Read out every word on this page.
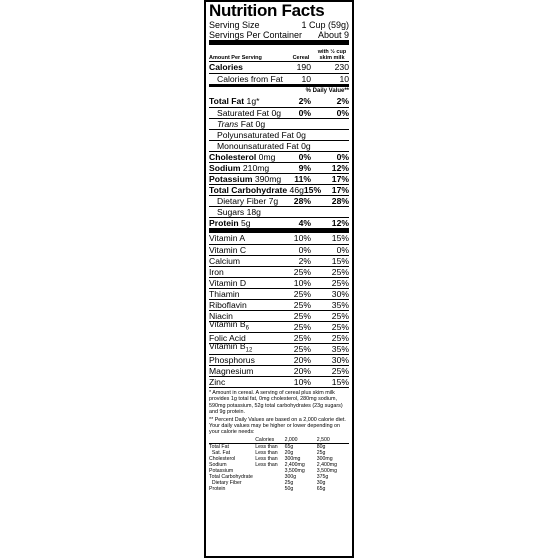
Nutrition Facts
Serving Size	1 Cup (59g)
Servings Per Container About 9
Amount Per Serving	Cereal
with ½ cup skim milk
Calories	190	230
Calories from Fat	10	10
% Daily Value**
Total Fat 1g*	2%	2%
Saturated Fat 0g	0%	0%
Trans Fat 0g
Polyunsaturated Fat 0g
Monounsaturated Fat 0g
Cholesterol 0mg	0%	0%
Sodium 210mg	9%	12%
Potassium 390mg	11%	17%
Total Carbohydrate 46g 15%	17%
Dietary Fiber 7g	28%	28%
Sugars 18g
Protein 5g	4%	12%
Vitamin A	10%	15%
Vitamin C	0%	0%
Calcium	2%	15%
Iron	25%	25%
Vitamin D	10%	25%
Thiamin	25%	30%
Riboflavin	25%	35%
Niacin	25%	25%
Vitamin $B_6$	25%	25%
Folic Acid	25%	25%
Vitamin $B_{12}$	25%	35%
Phosphorus	20%	30%
Magnesium	20%	25%
Zinc	10%	15%

* Amount in cereal. A serving of cereal plus skim milk provides 1g total fat, 0mg cholesterol, 280mg sodium, 590mg potassium, 52g total carbohydrates (23g sugars) and 9g protein.

** Percent Daily Values are based on a 2,000 calorie diet. Your daily values may be higher or lower depending on your calorie needs:

	Calories	2,000	2,500
Total Fat	Less than	65g	80g
Sat. Fat	Less than	20g	25g
Cholesterol	Less than	300mg	300mg
Sodium	Less than	2,400mg	2,400mg
Potassium		3,500mg	3,500mg
Total Carbohydrate		300g	375g
Dietary Fiber		25g	30g
Protein		50g	65g
